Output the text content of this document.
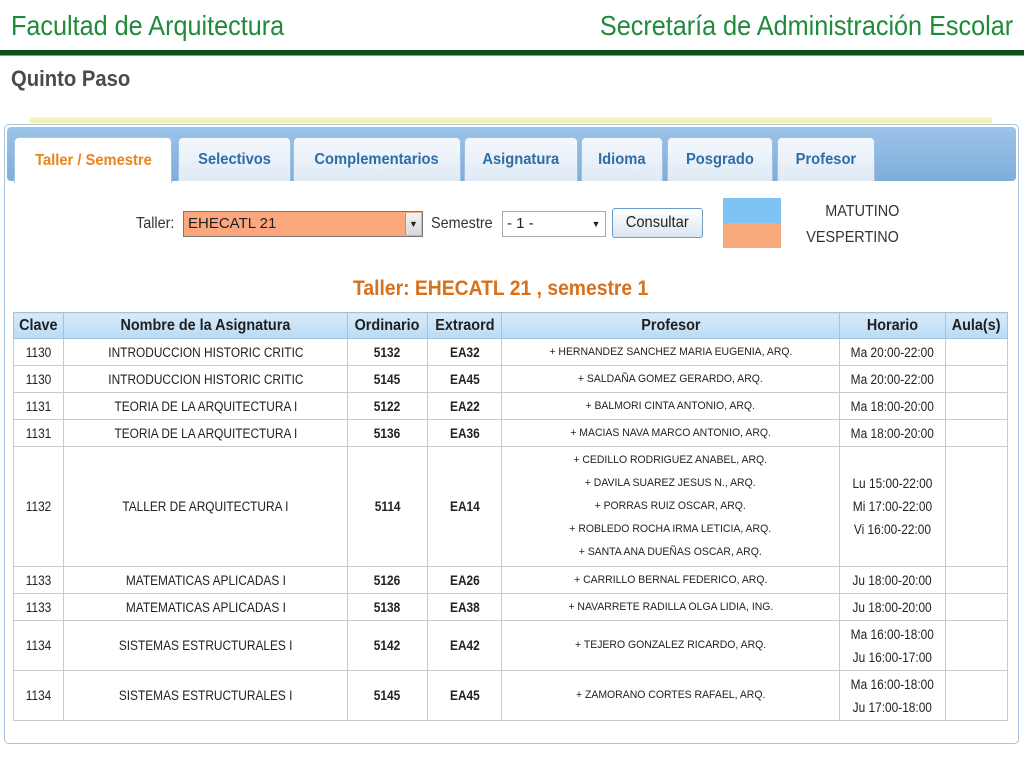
Facultad de Arquitectura	Secretaría de Administración Escolar
Quinto Paso
Taller / Semestre	Selectivos	Complementarios	Asignatura Idioma	Posgrado	Profesor
Taller: EHECATL 21	▼ Semestre - 1 -	▼ Consultar
MATUTINO
VESPERTINO
Taller: EHECATL 21 , semestre 1
Clave	Nombre de la Asignatura	Ordinario	Extraord	Profesor	Horario	Aula(s)
1130	INTRODUCCION HISTORIC CRITIC	5132	EA32	+ HERNANDEZ SANCHEZ MARIA EUGENIA, ARQ.	Ma 20:00-22:00	

1130	INTRODUCCION HISTORIC CRITIC	5145	EA45	+ SALDAÑA GOMEZ GERARDO, ARQ.	Ma 20:00-22:00	

1131	TEORIA DE LA ARQUITECTURA I	5122	EA22	+ BALMORI CINTA ANTONIO, ARQ.	Ma 18:00-20:00	

1131	TEORIA DE LA ARQUITECTURA I	5136	EA36	+ MACIAS NAVA MARCO ANTONIO, ARQ.	Ma 18:00-20:00	

1132	TALLER DE ARQUITECTURA I	5114	EA14	+ CEDILLO RODRIGUEZ ANABEL, ARQ.
+ DAVILA SUAREZ JESUS N., ARQ.
+ PORRAS RUIZ OSCAR, ARQ.
+ ROBLEDO ROCHA IRMA LETICIA, ARQ.
+ SANTA ANA DUEÑAS OSCAR, ARQ.	Lu 15:00-22:00
Mi 17:00-22:00
Vi 16:00-22:00	

1133	MATEMATICAS APLICADAS I	5126	EA26	+ CARRILLO BERNAL FEDERICO, ARQ.	Ju 18:00-20:00	

1133	MATEMATICAS APLICADAS I	5138	EA38	+ NAVARRETE RADILLA OLGA LIDIA, ING.	Ju 18:00-20:00	

1134	SISTEMAS ESTRUCTURALES I	5142	EA42	+ TEJERO GONZALEZ RICARDO, ARQ.	Ma 16:00-18:00
Ju 16:00-17:00	

1134	SISTEMAS ESTRUCTURALES I	5145	EA45	+ ZAMORANO CORTES RAFAEL, ARQ.	Ma 16:00-18:00
Ju 17:00-18:00	
